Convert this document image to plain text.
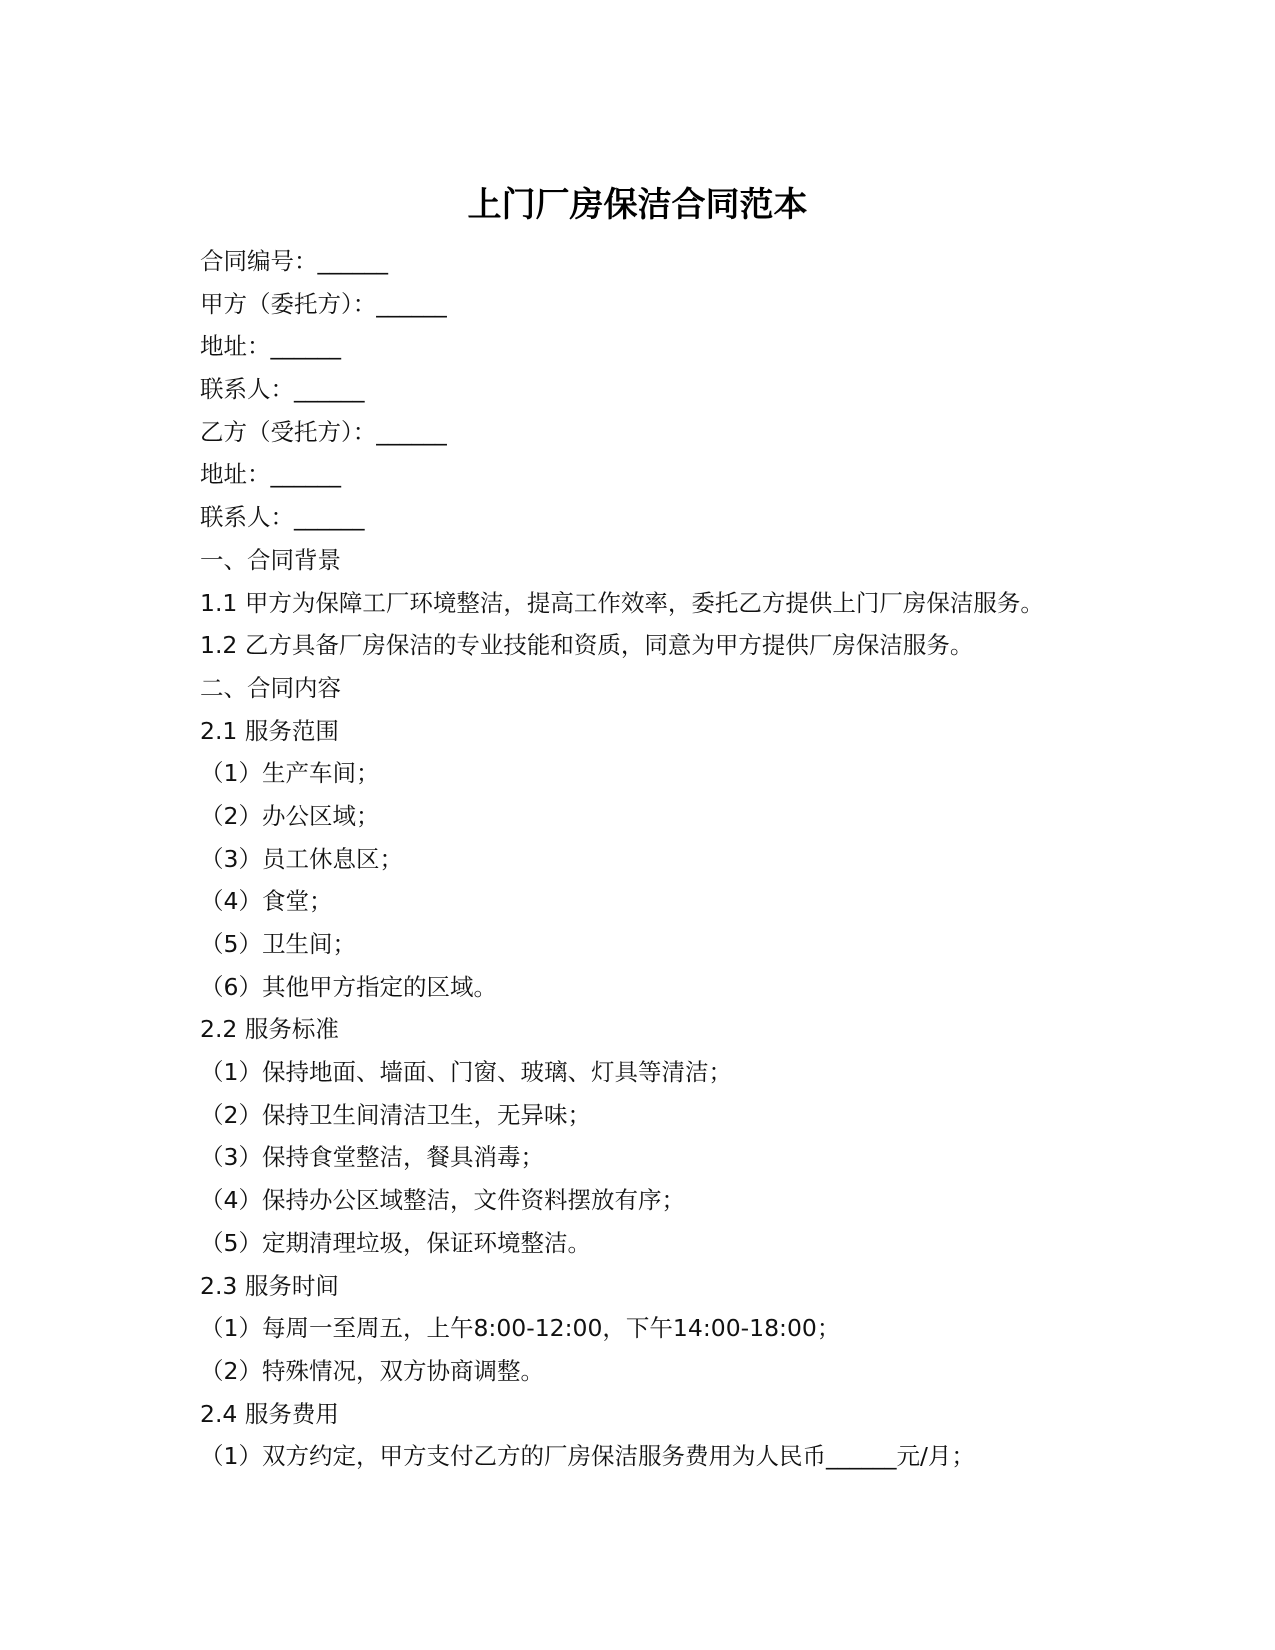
上门厂房保洁合同范本
合同编号：______
甲方（委托方）：______
地址：______
联系人：______
乙方（受托方）：______
地址：______
联系人：______
一、合同背景
1.1 甲方为保障工厂环境整洁，提高工作效率，委托乙方提供上门厂房保洁服务。
1.2 乙方具备厂房保洁的专业技能和资质，同意为甲方提供厂房保洁服务。
二、合同内容
2.1 服务范围
（1）生产车间；
（2）办公区域；
（3）员工休息区；
（4）食堂；
（5）卫生间；
（6）其他甲方指定的区域。
2.2 服务标准
（1）保持地面、墙面、门窗、玻璃、灯具等清洁；
（2）保持卫生间清洁卫生，无异味；
（3）保持食堂整洁，餐具消毒；
（4）保持办公区域整洁，文件资料摆放有序；
（5）定期清理垃圾，保证环境整洁。
2.3 服务时间
（1）每周一至周五，上午8:00-12:00，下午14:00-18:00；
（2）特殊情况，双方协商调整。
2.4 服务费用
（1）双方约定，甲方支付乙方的厂房保洁服务费用为人民币______元/月；
